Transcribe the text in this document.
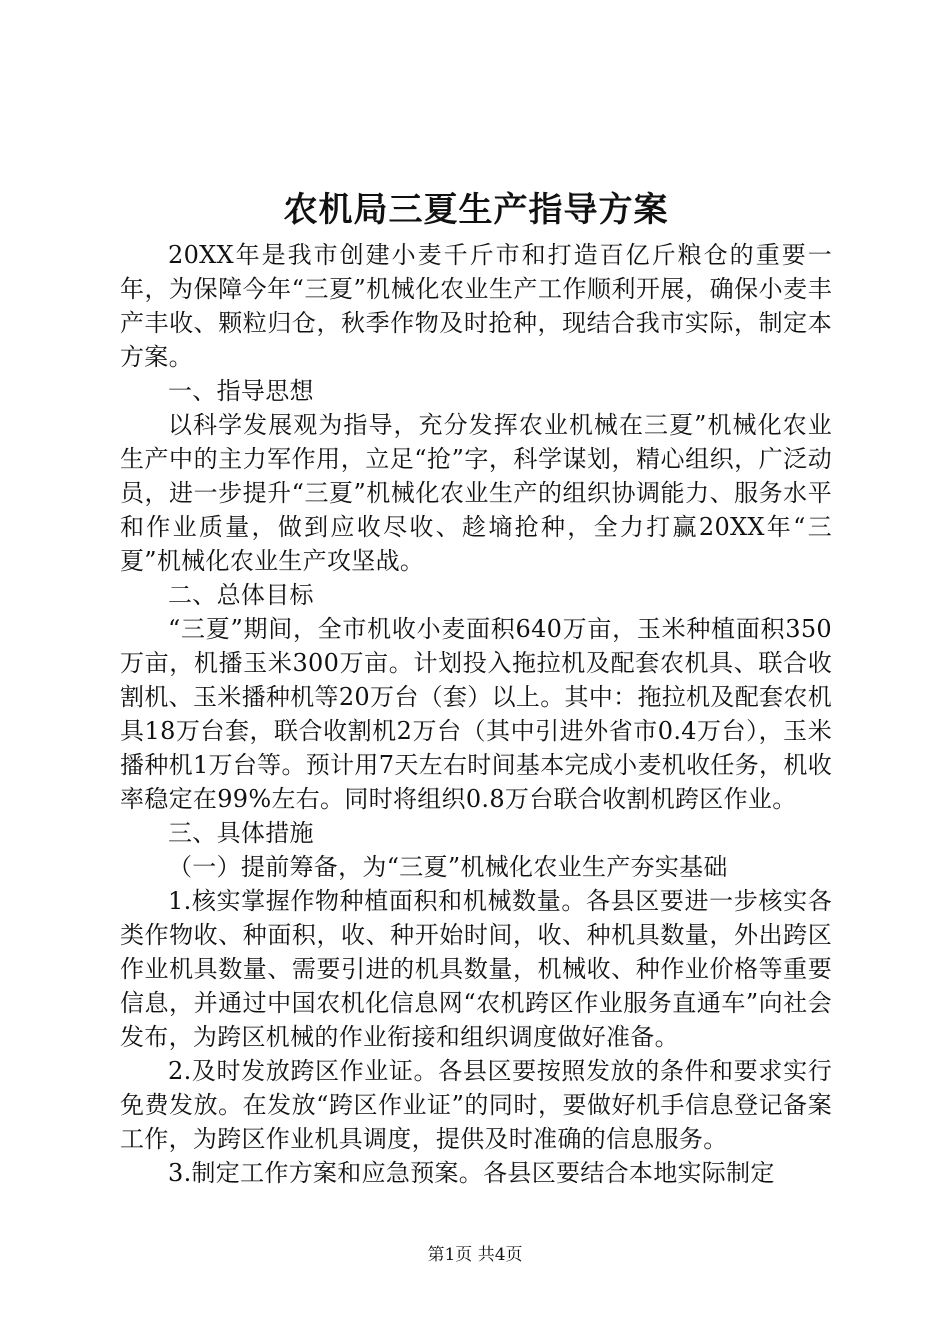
农机局三夏生产指导方案

20XX年是我市创建小麦千斤市和打造百亿斤粮仓的重要一年，为保障今年“三夏”机械化农业生产工作顺利开展，确保小麦丰产丰收、颗粒归仓，秋季作物及时抢种，现结合我市实际，制定本方案。

一、指导思想

以科学发展观为指导，充分发挥农业机械在三夏”机械化农业生产中的主力军作用，立足“抢”字，科学谋划，精心组织，广泛动员，进一步提升“三夏”机械化农业生产的组织协调能力、服务水平和作业质量，做到应收尽收、趁墒抢种，全力打赢20XX年“三夏”机械化农业生产攻坚战。

二、总体目标

“三夏”期间，全市机收小麦面积640万亩，玉米种植面积350万亩，机播玉米300万亩。计划投入拖拉机及配套农机具、联合收割机、玉米播种机等20万台（套）以上。其中：拖拉机及配套农机具18万台套，联合收割机2万台（其中引进外省市0.4万台），玉米播种机1万台等。预计用7天左右时间基本完成小麦机收任务，机收率稳定在99%左右。同时将组织0.8万台联合收割机跨区作业。

三、具体措施

（一）提前筹备，为“三夏”机械化农业生产夯实基础

1.核实掌握作物种植面积和机械数量。各县区要进一步核实各类作物收、种面积，收、种开始时间，收、种机具数量，外出跨区作业机具数量、需要引进的机具数量，机械收、种作业价格等重要信息，并通过中国农机化信息网“农机跨区作业服务直通车”向社会发布，为跨区机械的作业衔接和组织调度做好准备。

2.及时发放跨区作业证。各县区要按照发放的条件和要求实行免费发放。在发放“跨区作业证”的同时，要做好机手信息登记备案工作，为跨区作业机具调度，提供及时准确的信息服务。

3.制定工作方案和应急预案。各县区要结合本地实际制定

第1页 共4页
